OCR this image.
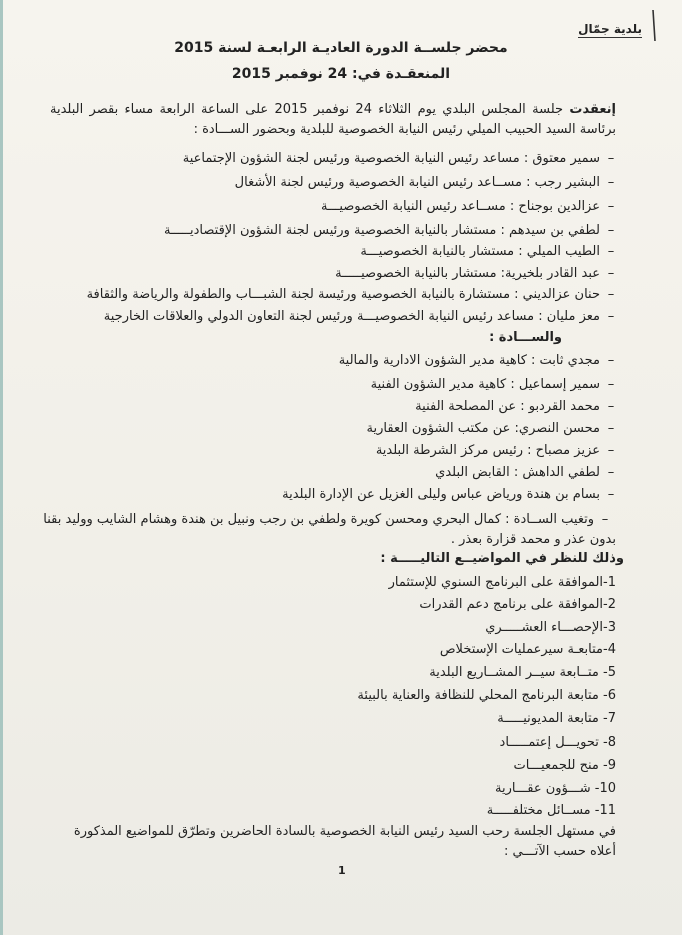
بلدية جمّال
محضر جلســة الدورة العاديـة الرابعـة لسنة 2015
المنعقـدة في: 24 نوفمبر 2015
إنعقدت جلسة المجلس البلدي يوم الثلاثاء 24 نوفمبر 2015 على الساعة الرابعة مساء بقصر البلدية برئاسة السيد الحبيب الميلي رئيس النيابة الخصوصية للبلدية وبحضور الســـادة :
–سمير معتوق : مساعد رئيس النيابة الخصوصية ورئيس لجنة الشؤون الإجتماعية
–البشير رجب : مســاعد رئيس النيابة الخصوصية ورئيس لجنة الأشغال
–عزالدين بوجناح : مســاعد رئيس النيابة الخصوصيـــة
–لطفي بن سيدهم : مستشار بالنيابة الخصوصية ورئيس لجنة الشؤون الإقتصاديـــــة
–الطيب الميلي : مستشار بالنيابة الخصوصيـــة
–عبد القادر بلخيرية: مستشار بالنيابة الخصوصيـــــة
–حنان عزالديني : مستشارة بالنيابة الخصوصية ورئيسة لجنة الشبـــاب والطفولة والرياضة والثقافة
–معز مليان : مساعد رئيس النيابة الخصوصيـــة ورئيس لجنة التعاون الدولي والعلاقات الخارجية
والســـادة :
–مجدي ثابت : كاهية مدير الشؤون الادارية والمالية
–سمير إسماعيل : كاهية مدير الشؤون الفنية
–محمد القردبو : عن المصلحة الفنية
–محسن النصري: عن مكتب الشؤون العقارية
–عزيز مصباح : رئيس مركز الشرطة البلدية
–لطفي الداهش : القابض البلدي
–بسام بن هندة ورياض عباس وليلى الغزيل عن الإدارة البلدية
–وتغيب الســادة : كمال البحري ومحسن كويرة ولطفي بن رجب ونبيل بن هندة وهشام الشايب ووليد بقنا بدون عذر و محمد قزارة بعذر .
وذلك للنظر في المواضيــع التاليـــــة :
1-الموافقة على البرنامج السنوي للإستثمار
2-الموافقة على برنامج دعم القدرات
3-الإحصـــاء العشـــــري
4-متابعـة سيرعمليات الإستخلاص
5- متــابعة سيــر المشــاريع البلدية
6- متابعة البرنامج المحلي للنظافة والعناية بالبيئة
7- متابعة المديونيـــــة
8- تحويـــل إعتمـــــاد
9- منح للجمعيـــات
10- شـــؤون عقـــارية
11- مســائل مختلفـــــة
في مستهل الجلسة رحب السيد رئيس النيابة الخصوصية بالسادة الحاضرين وتطرّق للمواضيع المذكورة أعلاه حسب الآتـــي :
1
